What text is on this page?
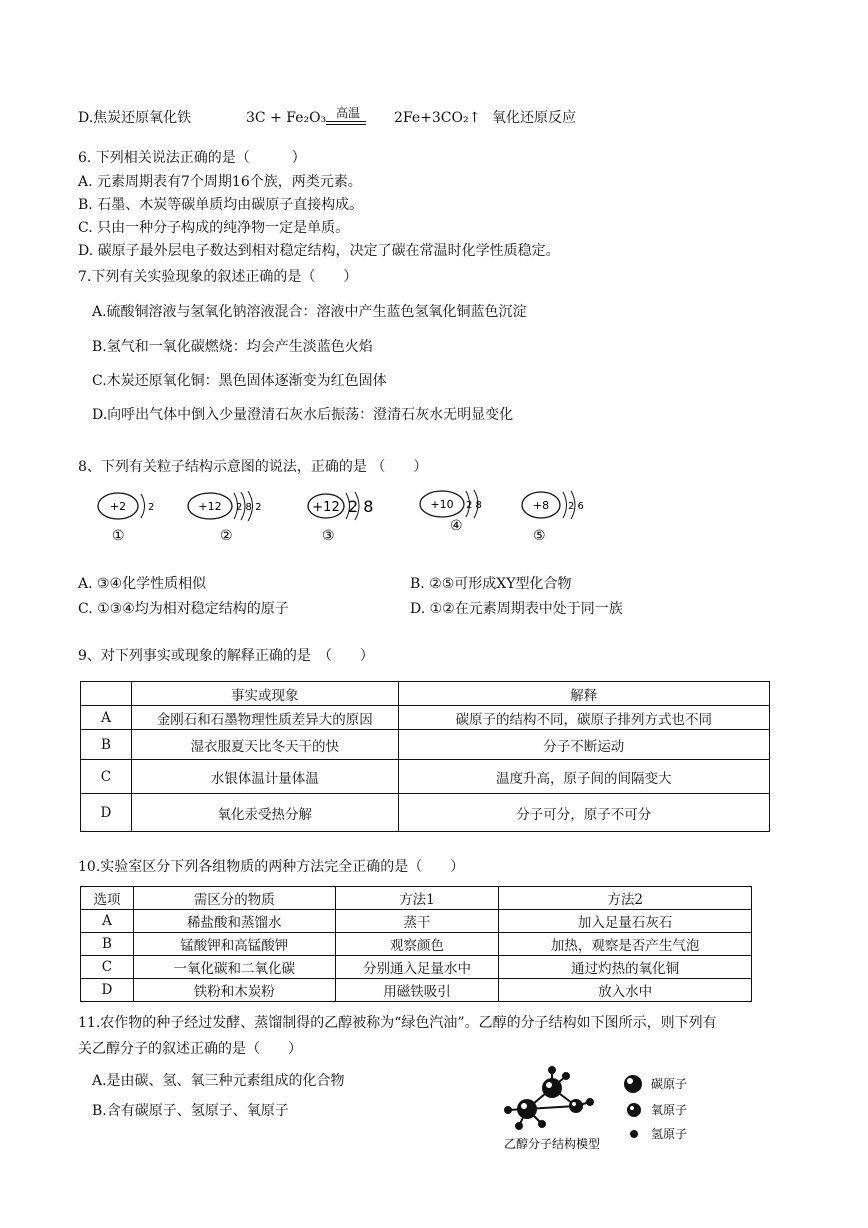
D.焦炭还原氧化铁	3C + Fe₂O₃ 高温 2Fe+3CO₂↑ 氧化还原反应
6. 下列相关说法正确的是（　　　）
A. 元素周期表有7个周期16个族，两类元素。
B. 石墨、木炭等碳单质均由碳原子直接构成。
C. 只由一种分子构成的纯净物一定是单质。
D. 碳原子最外层电子数达到相对稳定结构，决定了碳在常温时化学性质稳定。
7.下列有关实验现象的叙述正确的是（　　）
A.硫酸铜溶液与氢氧化钠溶液混合：溶液中产生蓝色氢氧化铜蓝色沉淀
B.氢气和一氧化碳燃烧：均会产生淡蓝色火焰
C.木炭还原氧化铜：黑色固体逐渐变为红色固体
D.向呼出气体中倒入少量澄清石灰水后振荡：澄清石灰水无明显变化
8、下列有关粒子结构示意图的说法，正确的是 （　　）
+2 2
①
+12 2 8 2
②
+12 2 8
③
+10 2 8
④
+8 2 6
⑤
A. ③④化学性质相似	B. ②⑤可形成XY型化合物
C. ①③④均为相对稳定结构的原子	D. ①②在元素周期表中处于同一族
9、对下列事实或现象的解释正确的是　（　　）
	事实或现象	解释
A	金刚石和石墨物理性质差异大的原因	碳原子的结构不同，碳原子排列方式也不同
B	湿衣服夏天比冬天干的快	分子不断运动
C	水银体温计量体温	温度升高，原子间的间隔变大
D	氧化汞受热分解	分子可分，原子不可分
10.实验室区分下列各组物质的两种方法完全正确的是（　　）
选项	需区分的物质	方法1	方法2
A	稀盐酸和蒸馏水	蒸干	加入足量石灰石
B	锰酸钾和高锰酸钾	观察颜色	加热，观察是否产生气泡
C	一氧化碳和二氧化碳	分别通入足量水中	通过灼热的氧化铜
D	铁粉和木炭粉	用磁铁吸引	放入水中
11.农作物的种子经过发酵、蒸馏制得的乙醇被称为“绿色汽油”。乙醇的分子结构如下图所示，则下列有
关乙醇分子的叙述正确的是（　　）
A.是由碳、氢、氧三种元素组成的化合物
B.含有碳原子、氢原子、氧原子
乙醇分子结构模型
碳原子
氧原子
氢原子
